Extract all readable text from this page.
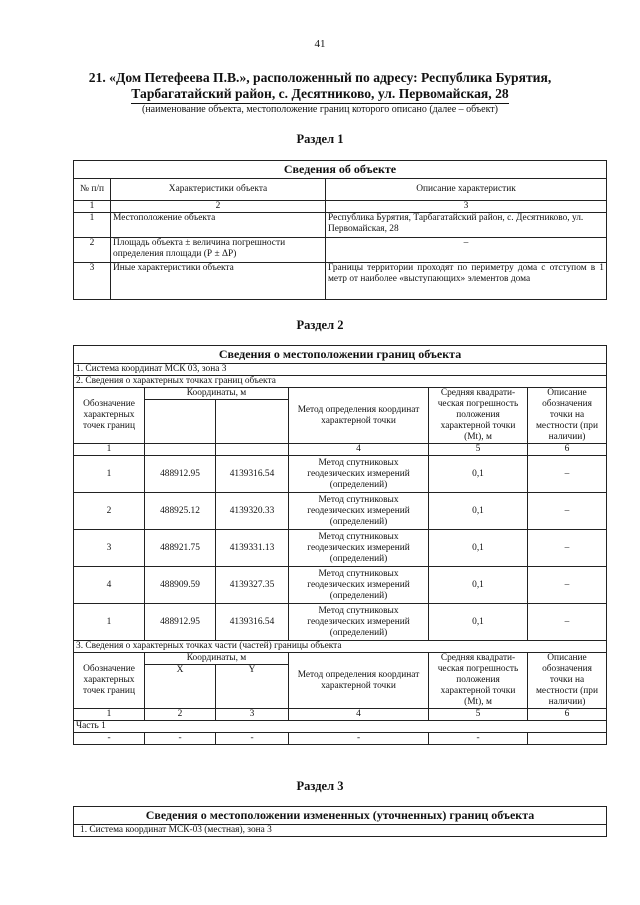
41
21. «Дом Петефеева П.В.», расположенный по адресу: Республика Бурятия,
Тарбагатайский район, с. Десятниково, ул. Первомайская, 28
(наименование объекта, местоположение границ которого описано (далее – объект)
Раздел 1
Сведения об объекте		
№ п/п	Характеристики объекта	Описание характеристик
1	2	3
1	Местоположение объекта	Республика Бурятия, Тарбагатайский район, с. Десятниково, ул. Первомайская, 28
2	Площадь объекта ± величина погрешности определения площади (Р ± ΔР)	–
3	Иные характеристики объекта	Границы территории проходят по периметру дома с отступом в 1 метр от наиболее «выступающих» элементов дома
Раздел 2
Сведения о местоположении границ объекта					
1. Система координат МСК 03, зона 3					
2. Сведения о характерных точках границ объекта					
Обозначение характерных точек границ	Координаты, м		Метод определения координат характерной точки	Средняя квадрати-ческая погрешность положения характерной точки (Mt), м	Описание обозначения точки на местности (при наличии)

1			4	5	6
1	488912.95	4139316.54	Метод спутниковых геодезических измерений (определений)	0,1	–
2	488925.12	4139320.33	Метод спутниковых геодезических измерений (определений)	0,1	–
3	488921.75	4139331.13	Метод спутниковых геодезических измерений (определений)	0,1	–
4	488909.59	4139327.35	Метод спутниковых геодезических измерений (определений)	0,1	–
1	488912.95	4139316.54	Метод спутниковых геодезических измерений (определений)	0,1	–
3. Сведения о характерных точках части (частей) границы объекта					
Обозначение характерных точек границ	Координаты, м		Метод определения координат характерной точки	Средняя квадрати-ческая погрешность положения характерной точки (Mt), м	Описание обозначения точки на местности (при наличии)
	X	Y			
1	2	3	4	5	6
Часть 1					
-	-	-	-	-	
Раздел 3
Сведения о местоположении измененных (уточненных) границ объекта
1. Система координат МСК-03 (местная), зона 3
